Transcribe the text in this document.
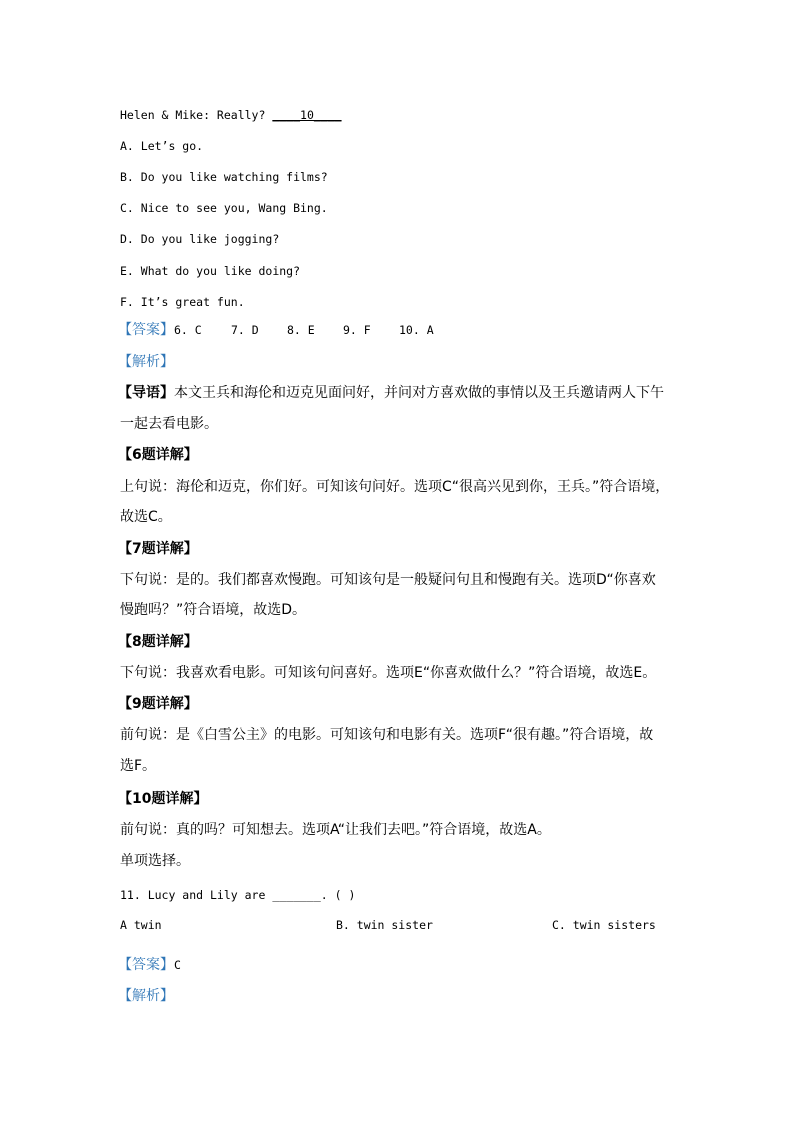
Helen & Mike: Really? ____10____
A. Let’s go.
B. Do you like watching films?
C. Nice to see you, Wang Bing.
D. Do you like jogging?
E. What do you like doing?
F. It’s great fun.
【答案】6. C	7. D 8. E 9. F 10. A
【解析】
【导语】本文王兵和海伦和迈克见面问好，并问对方喜欢做的事情以及王兵邀请两人下午
一起去看电影。
【6题详解】
上句说：海伦和迈克，你们好。可知该句问好。选项C“很高兴见到你，王兵。”符合语境，
故选C。
【7题详解】
下句说：是的。我们都喜欢慢跑。可知该句是一般疑问句且和慢跑有关。选项D“你喜欢
慢跑吗？”符合语境，故选D。
【8题详解】
下句说：我喜欢看电影。可知该句问喜好。选项E“你喜欢做什么？”符合语境，故选E。
【9题详解】
前句说：是《白雪公主》的电影。可知该句和电影有关。选项F“很有趣。”符合语境，故
选F。
【10题详解】
前句说：真的吗？可知想去。选项A“让我们去吧。”符合语境，故选A。
单项选择。
11. Lucy and Lily are _______. ( )
A twin	B. twin sister	C. twin sisters
【答案】C
【解析】
